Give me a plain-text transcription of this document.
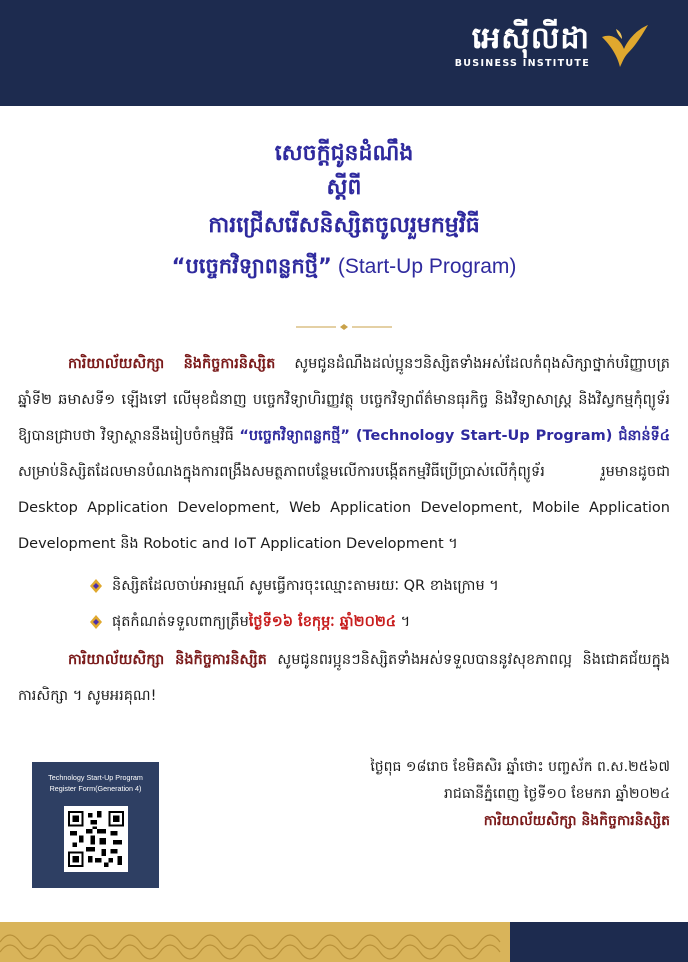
អេស៊ីលីដា
BUSINESS INSTITUTE
សេចក្តីជូនដំណឹង
ស្តីពី
ការជ្រើសរើសនិស្សិតចូលរួមកម្មវិធី
“បច្ចេកវិទ្យាពន្លកថ្មី” (Start-Up Program)
ការិយាល័យសិក្សា និងកិច្ចការនិស្សិត សូមជូនដំណឹងដល់ប្អូនៗនិស្សិតទាំងអស់ដែលកំពុងសិក្សាថ្នាក់បរិញ្ញាបត្រ ឆ្នាំទី២ ឆមាសទី១ ឡើងទៅ លើមុខជំនាញ បច្ចេកវិទ្យាហិរញ្ញវត្ថុ បច្ចេកវិទ្យាព័ត៌មានធុរកិច្ច និងវិទ្យាសាស្ត្រ និងវិស្វកម្មកុំព្យូទ័រ ឱ្យបានជ្រាបថា វិទ្យាស្ថាននឹងរៀបចំកម្មវិធី “បច្ចេកវិទ្យាពន្លកថ្មី” (Technology Start-Up Program) ជំនាន់ទី៤ សម្រាប់និស្សិតដែលមានបំណងក្នុងការពង្រឹងសមត្ថភាពបន្ថែមលើការបង្កើតកម្មវិធីប្រើប្រាស់លើកុំព្យូទ័រ រួមមានដូចជា Desktop Application Development, Web Application Development, Mobile Application Development និង Robotic and IoT Application Development ។
និស្សិតដែលចាប់អារម្មណ៍ សូមធ្វើការចុះឈ្មោះតាមរយៈ QR ខាងក្រោម ។
ផុតកំណត់ទទួលពាក្យត្រឹមថ្ងៃទី១៦ ខែកុម្ភៈ ឆ្នាំ២០២៤ ។
ការិយាល័យសិក្សា និងកិច្ចការនិស្សិត សូមជូនពរប្អូនៗនិស្សិតទាំងអស់ទទួលបាននូវសុខភាពល្អ និងជោគជ័យក្នុងការសិក្សា ។ សូមអរគុណ!
Technology Start-Up Program
Register Form(Generation 4)
ថ្ងៃពុធ ១៨រោច ខែមិគសិរ ឆ្នាំថោះ បញ្ចស័ក ព.ស.២៥៦៧
រាជធានីភ្នំពេញ ថ្ងៃទី១០ ខែមករា ឆ្នាំ២០២៤
ការិយាល័យសិក្សា និងកិច្ចការនិស្សិត
